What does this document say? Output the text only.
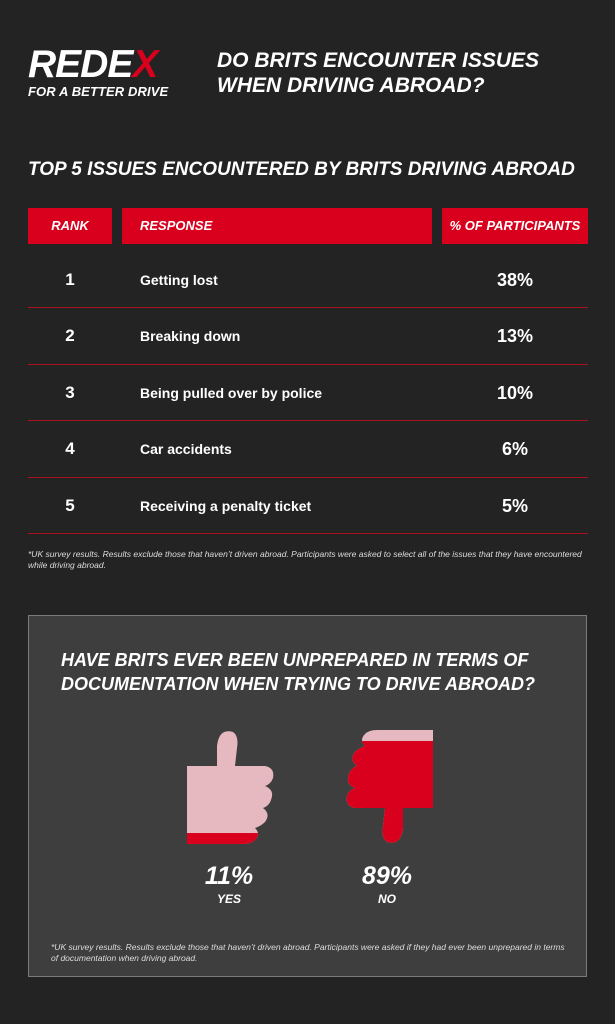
REDEX
FOR A BETTER DRIVE
DO BRITS ENCOUNTER ISSUES WHEN DRIVING ABROAD?
TOP 5 ISSUES ENCOUNTERED BY BRITS DRIVING ABROAD
RANK	RESPONSE	% OF PARTICIPANTS
1	Getting lost	38%
2	Breaking down	13%
3	Being pulled over by police	10%
4	Car accidents	6%
5	Receiving a penalty ticket	5%
*UK survey results. Results exclude those that haven’t driven abroad. Participants were asked to select all of the issues that they have encountered while driving abroad.
HAVE BRITS EVER BEEN UNPREPARED IN TERMS OF DOCUMENTATION WHEN TRYING TO DRIVE ABROAD?
11%
YES
89%
NO
*UK survey results. Results exclude those that haven’t driven abroad. Participants were asked if they had ever been unprepared in terms of documentation when driving abroad.
